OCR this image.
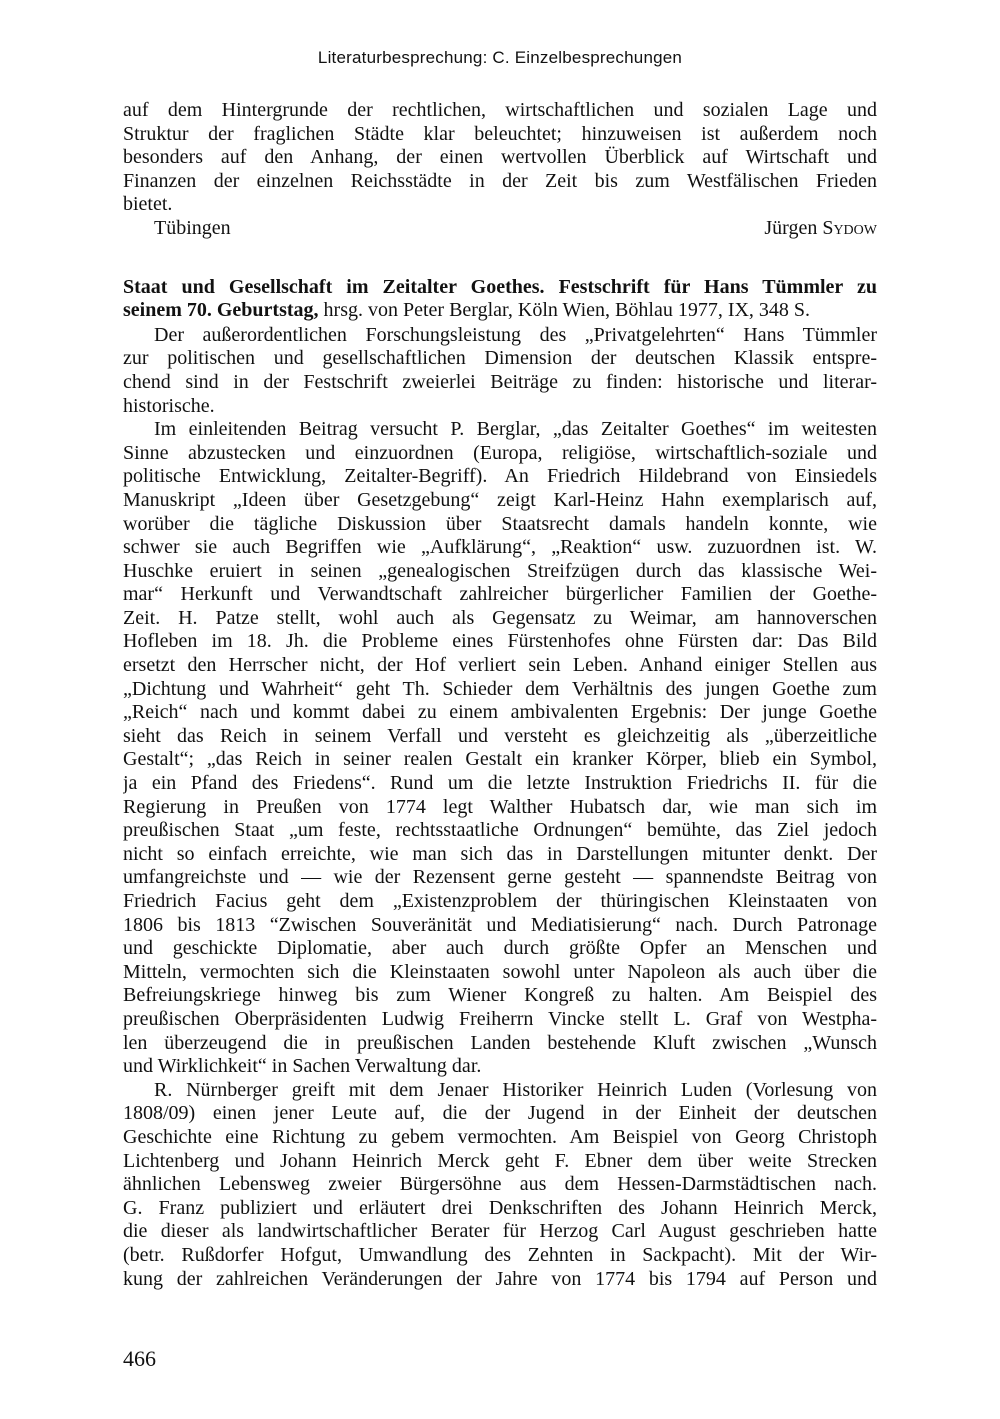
Literaturbesprechung: C. Einzelbesprechungen
auf dem Hintergrunde der rechtlichen, wirtschaftlichen und sozialen Lage und
Struktur der fraglichen Städte klar beleuchtet; hinzuweisen ist außerdem noch
besonders auf den Anhang, der einen wertvollen Überblick auf Wirtschaft und
Finanzen der einzelnen Reichsstädte in der Zeit bis zum Westfälischen Frieden
bietet.
Tübingen	Jürgen Sydow
Staat und Gesellschaft im Zeitalter Goethes. Festschrift für Hans Tümmler zu
seinem 70. Geburtstag, hrsg. von Peter Berglar, Köln Wien, Böhlau 1977, IX, 348 S.
Der außerordentlichen Forschungsleistung des „Privatgelehrten“ Hans Tümmler
zur politischen und gesellschaftlichen Dimension der deutschen Klassik entspre-
chend sind in der Festschrift zweierlei Beiträge zu finden: historische und literar-
historische.
Im einleitenden Beitrag versucht P. Berglar, „das Zeitalter Goethes“ im weitesten
Sinne abzustecken und einzuordnen (Europa, religiöse, wirtschaftlich-soziale und
politische Entwicklung, Zeitalter-Begriff). An Friedrich Hildebrand von Einsiedels
Manuskript „Ideen über Gesetzgebung“ zeigt Karl-Heinz Hahn exemplarisch auf,
worüber die tägliche Diskussion über Staatsrecht damals handeln konnte, wie
schwer sie auch Begriffen wie „Aufklärung“, „Reaktion“ usw. zuzuordnen ist. W.
Huschke eruiert in seinen „genealogischen Streifzügen durch das klassische Wei-
mar“ Herkunft und Verwandtschaft zahlreicher bürgerlicher Familien der Goethe-
Zeit. H. Patze stellt, wohl auch als Gegensatz zu Weimar, am hannoverschen
Hofleben im 18. Jh. die Probleme eines Fürstenhofes ohne Fürsten dar: Das Bild
ersetzt den Herrscher nicht, der Hof verliert sein Leben. Anhand einiger Stellen aus
„Dichtung und Wahrheit“ geht Th. Schieder dem Verhältnis des jungen Goethe zum
„Reich“ nach und kommt dabei zu einem ambivalenten Ergebnis: Der junge Goethe
sieht das Reich in seinem Verfall und versteht es gleichzeitig als „überzeitliche
Gestalt“; „das Reich in seiner realen Gestalt ein kranker Körper, blieb ein Symbol,
ja ein Pfand des Friedens“. Rund um die letzte Instruktion Friedrichs II. für die
Regierung in Preußen von 1774 legt Walther Hubatsch dar, wie man sich im
preußischen Staat „um feste, rechtsstaatliche Ordnungen“ bemühte, das Ziel jedoch
nicht so einfach erreichte, wie man sich das in Darstellungen mitunter denkt. Der
umfangreichste und — wie der Rezensent gerne gesteht — spannendste Beitrag von
Friedrich Facius geht dem „Existenzproblem der thüringischen Kleinstaaten von
1806 bis 1813 “Zwischen Souveränität und Mediatisierung“ nach. Durch Patronage
und geschickte Diplomatie, aber auch durch größte Opfer an Menschen und
Mitteln, vermochten sich die Kleinstaaten sowohl unter Napoleon als auch über die
Befreiungskriege hinweg bis zum Wiener Kongreß zu halten. Am Beispiel des
preußischen Oberpräsidenten Ludwig Freiherrn Vincke stellt L. Graf von Westpha-
len überzeugend die in preußischen Landen bestehende Kluft zwischen „Wunsch
und Wirklichkeit“ in Sachen Verwaltung dar.
R. Nürnberger greift mit dem Jenaer Historiker Heinrich Luden (Vorlesung von
1808/09) einen jener Leute auf, die der Jugend in der Einheit der deutschen
Geschichte eine Richtung zu gebem vermochten. Am Beispiel von Georg Christoph
Lichtenberg und Johann Heinrich Merck geht F. Ebner dem über weite Strecken
ähnlichen Lebensweg zweier Bürgersöhne aus dem Hessen-Darmstädtischen nach.
G. Franz publiziert und erläutert drei Denkschriften des Johann Heinrich Merck,
die dieser als landwirtschaftlicher Berater für Herzog Carl August geschrieben hatte
(betr. Rußdorfer Hofgut, Umwandlung des Zehnten in Sackpacht). Mit der Wir-
kung der zahlreichen Veränderungen der Jahre von 1774 bis 1794 auf Person und
466
